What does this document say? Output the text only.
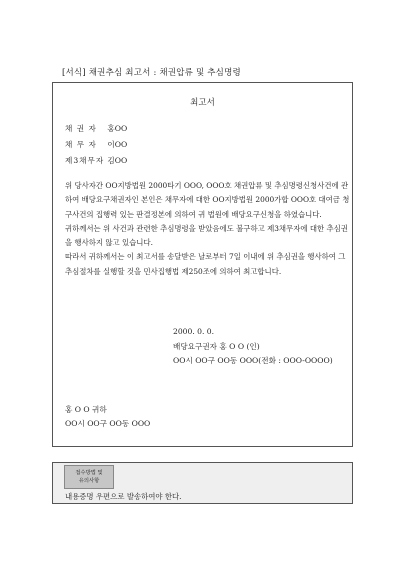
[서식] 채권추심 최고서 : 채권압류 및 추심명령
최고서
채 권 자 홍OO
채 무 자 이OO
제3채무자 김OO

위 당사자간 OO지방법원 2000타기 OOO, OOO호 채권압류 및 추심명령신청사건에 관하여 배당요구채권자인 본인은 채무자에 대한 OO지방법원 2000가합 OOO호 대여금 청구사건의 집행력 있는 판결정본에 의하여 귀 법원에 배당요구신청을 하였습니다.

귀하께서는 위 사건과 관련한 추심명령을 받았음에도 불구하고 제3채무자에 대한 추심권을 행사하지 않고 있습니다.

따라서 귀하께서는 이 최고서를 송달받은 날로부터 7일 이내에 위 추심권을 행사하여 그 추심절차를 실행할 것을 민사집행법 제250조에 의하여 최고합니다.

2000. 0. 0.
배당요구권자 홍 O O (인)
OO시 OO구 OO동 OOO(전화 : OOO-OOOO)
홍 O O 귀하
OO시 OO구 OO동 OOO
접수방법 및
유의사항
내용증명 우편으로 발송하여야 한다.
